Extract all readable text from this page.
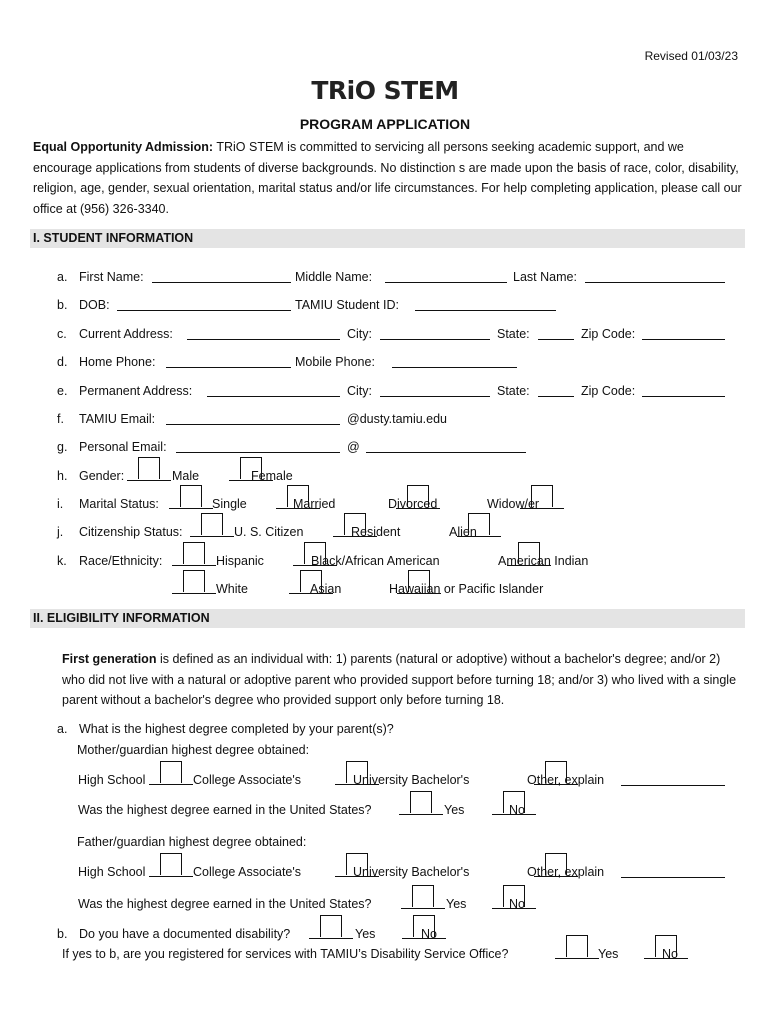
Revised 01/03/23
TRiO STEM
PROGRAM APPLICATION
Equal Opportunity Admission: TRiO STEM is committed to servicing all persons seeking academic support, and we encourage applications from students of diverse backgrounds. No distinction s are made upon the basis of race, color, disability, religion, age, gender, sexual orientation, marital status and/or life circumstances. For help completing application, please call our office at (956) 326-3340.
I. STUDENT INFORMATION
a. First Name:	Middle Name:	Last Name:
b. DOB:	TAMIU Student ID:
c. Current Address:	City:	State:	Zip Code:
d. Home Phone:	Mobile Phone:
e. Permanent Address:	City:	State:	Zip Code:
f. TAMIU Email:	@dusty.tamiu.edu
g. Personal Email:	@
h. Gender:
	Male	Female
i. Marital Status:
	Single
	Married
	Divorced	Widow/er
j. Citizenship Status:
	U. S. Citizen
	Resident	Alien
k. Race/Ethnicity:
	Hispanic
	Black/African American	American Indian

White
	Asian	Hawaiian or Pacific Islander
II. ELIGIBILITY INFORMATION
First generation is defined as an individual with: 1) parents (natural or adoptive) without a bachelor's degree; and/or 2) who did not live with a natural or adoptive parent who provided support before turning 18; and/or 3) who lived with a single parent without a bachelor's degree who provided support only before turning 18.
a. What is the highest degree completed by your parent(s)?
Mother/guardian highest degree obtained:
High School
	College Associate's
	University Bachelor's	Other, explain
Was the highest degree earned in the United States?
	Yes	No
Father/guardian highest degree obtained:
High School
	College Associate's
	University Bachelor's	Other, explain
Was the highest degree earned in the United States?
	Yes	No
b. Do you have a documented disability?
	Yes	No
If yes to b, are you registered for services with TAMIU’s Disability Service Office?
	Yes	No
